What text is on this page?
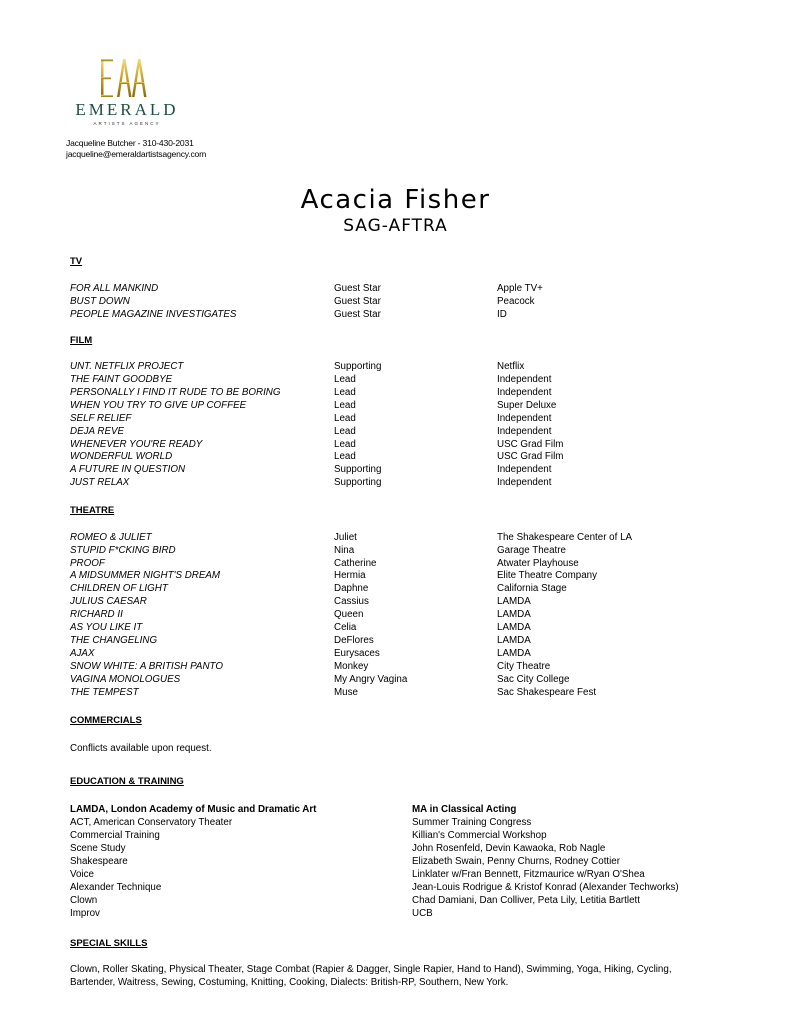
EMERALD
ARTISTS AGENCY
Jacqueline Butcher - 310-430-2031
jacqueline@emeraldartistsagency.com
Acacia Fisher
SAG-AFTRA
TV
FOR ALL MANKIND	Guest Star	Apple TV+
BUST DOWN	Guest Star	Peacock
PEOPLE MAGAZINE INVESTIGATES	Guest Star	ID
FILM
UNT. NETFLIX PROJECT	Supporting	Netflix
THE FAINT GOODBYE	Lead	Independent
PERSONALLY I FIND IT RUDE TO BE BORING	Lead	Independent
WHEN YOU TRY TO GIVE UP COFFEE	Lead	Super Deluxe
SELF RELIEF	Lead	Independent
DEJA REVE	Lead	Independent
WHENEVER YOU'RE READY	Lead	USC Grad Film
WONDERFUL WORLD	Lead	USC Grad Film
A FUTURE IN QUESTION	Supporting	Independent
JUST RELAX	Supporting	Independent
THEATRE
ROMEO & JULIET	Juliet	The Shakespeare Center of LA
STUPID F*CKING BIRD	Nina	Garage Theatre
PROOF	Catherine	Atwater Playhouse
A MIDSUMMER NIGHT'S DREAM	Hermia	Elite Theatre Company
CHILDREN OF LIGHT	Daphne	California Stage
JULIUS CAESAR	Cassius	LAMDA
RICHARD II	Queen	LAMDA
AS YOU LIKE IT	Celia	LAMDA
THE CHANGELING	DeFlores	LAMDA
AJAX	Eurysaces	LAMDA
SNOW WHITE: A BRITISH PANTO	Monkey	City Theatre
VAGINA MONOLOGUES	My Angry Vagina	Sac City College
THE TEMPEST	Muse	Sac Shakespeare Fest
COMMERCIALS
Conflicts available upon request.
EDUCATION & TRAINING
LAMDA, London Academy of Music and Dramatic Art	MA in Classical Acting
ACT, American Conservatory Theater	Summer Training Congress
Commercial Training	Killian's Commercial Workshop
Scene Study	John Rosenfeld, Devin Kawaoka, Rob Nagle
Shakespeare	Elizabeth Swain, Penny Churns, Rodney Cottier
Voice	Linklater w/Fran Bennett, Fitzmaurice w/Ryan O'Shea
Alexander Technique	Jean-Louis Rodrigue & Kristof Konrad (Alexander Techworks)
Clown	Chad Damiani, Dan Colliver, Peta Lily, Letitia Bartlett
Improv	UCB
SPECIAL SKILLS
Clown, Roller Skating, Physical Theater, Stage Combat (Rapier & Dagger, Single Rapier, Hand to Hand), Swimming, Yoga, Hiking, Cycling,
Bartender, Waitress, Sewing, Costuming, Knitting, Cooking, Dialects: British-RP, Southern, New York.
